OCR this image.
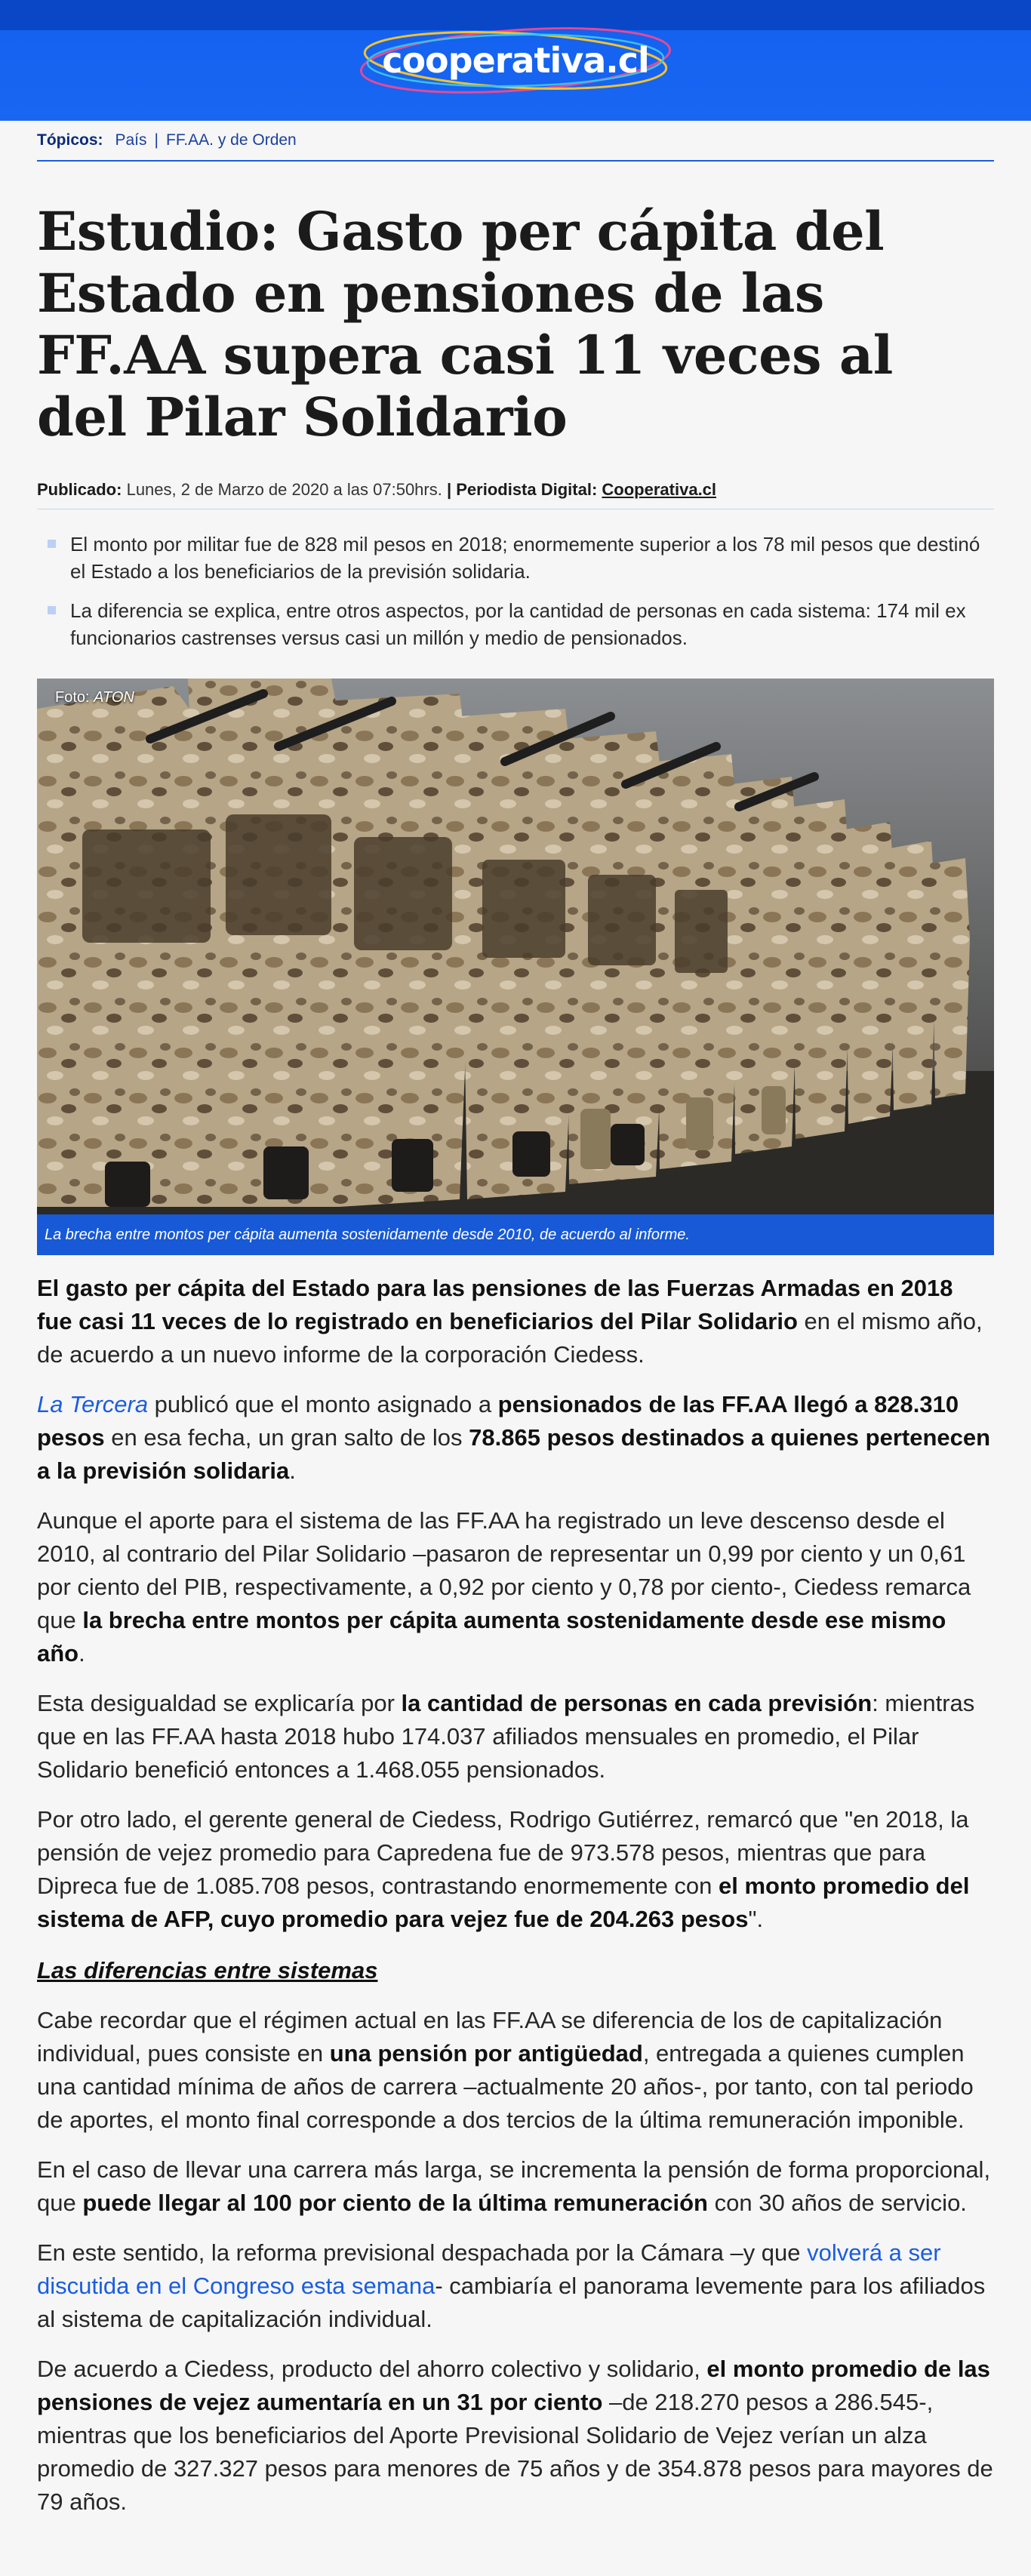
cooperativa.cl
Tópicos: País | FF.AA. y de Orden
Estudio: Gasto per cápita del Estado en pensiones de las FF.AA supera casi 11 veces al del Pilar Solidario
Publicado: Lunes, 2 de Marzo de 2020 a las 07:50hrs. | Periodista Digital: Cooperativa.cl
El monto por militar fue de 828 mil pesos en 2018; enormemente superior a los 78 mil pesos que destinó el Estado a los beneficiarios de la previsión solidaria.
La diferencia se explica, entre otros aspectos, por la cantidad de personas en cada sistema: 174 mil ex funcionarios castrenses versus casi un millón y medio de pensionados.
Foto: ATON
La brecha entre montos per cápita aumenta sostenidamente desde 2010, de acuerdo al informe.

El gasto per cápita del Estado para las pensiones de las Fuerzas Armadas en 2018 fue casi 11 veces de lo registrado en beneficiarios del Pilar Solidario en el mismo año, de acuerdo a un nuevo informe de la corporación Ciedess.

La Tercera publicó que el monto asignado a pensionados de las FF.AA llegó a 828.310 pesos en esa fecha, un gran salto de los 78.865 pesos destinados a quienes pertenecen a la previsión solidaria.

Aunque el aporte para el sistema de las FF.AA ha registrado un leve descenso desde el 2010, al contrario del Pilar Solidario –pasaron de representar un 0,99 por ciento y un 0,61 por ciento del PIB, respectivamente, a 0,92 por ciento y 0,78 por ciento-, Ciedess remarca que la brecha entre montos per cápita aumenta sostenidamente desde ese mismo año.

Esta desigualdad se explicaría por la cantidad de personas en cada previsión: mientras que en las FF.AA hasta 2018 hubo 174.037 afiliados mensuales en promedio, el Pilar Solidario benefició entonces a 1.468.055 pensionados.

Por otro lado, el gerente general de Ciedess, Rodrigo Gutiérrez, remarcó que "en 2018, la pensión de vejez promedio para Capredena fue de 973.578 pesos, mientras que para Dipreca fue de 1.085.708 pesos, contrastando enormemente con el monto promedio del sistema de AFP, cuyo promedio para vejez fue de 204.263 pesos".

Las diferencias entre sistemas

Cabe recordar que el régimen actual en las FF.AA se diferencia de los de capitalización individual, pues consiste en una pensión por antigüedad, entregada a quienes cumplen una cantidad mínima de años de carrera –actualmente 20 años-, por tanto, con tal periodo de aportes, el monto final corresponde a dos tercios de la última remuneración imponible.

En el caso de llevar una carrera más larga, se incrementa la pensión de forma proporcional, que puede llegar al 100 por ciento de la última remuneración con 30 años de servicio.

En este sentido, la reforma previsional despachada por la Cámara –y que volverá a ser discutida en el Congreso esta semana- cambiaría el panorama levemente para los afiliados al sistema de capitalización individual.

De acuerdo a Ciedess, producto del ahorro colectivo y solidario, el monto promedio de las pensiones de vejez aumentaría en un 31 por ciento –de 218.270 pesos a 286.545-, mientras que los beneficiarios del Aporte Previsional Solidario de Vejez verían un alza promedio de 327.327 pesos para menores de 75 años y de 354.878 pesos para mayores de 79 años.
